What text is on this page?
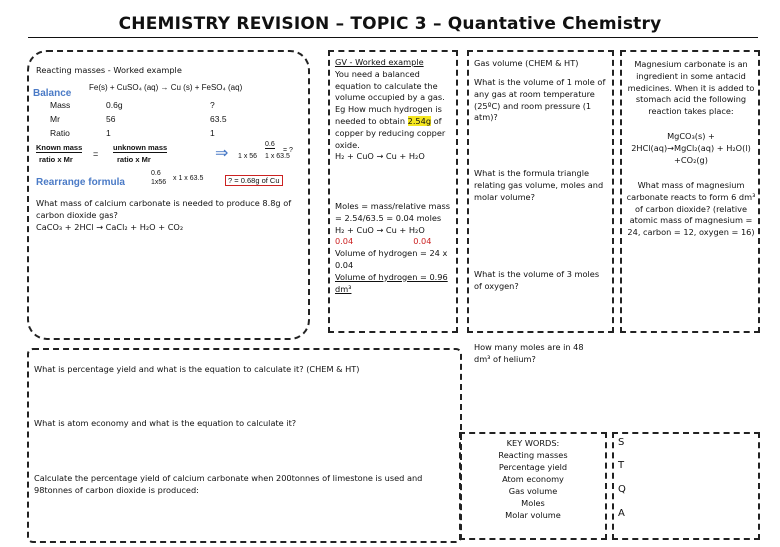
CHEMISTRY REVISION – TOPIC 3 – Quantative Chemistry
Reacting masses - Worked example
Balance
Fe(s) + CuSO₄ (aq) → Cu (s) + FeSO₄ (aq)
Mass	0.6g	?
Mr	56	63.5
Ratio	1	1
Known mass
ratio x Mr
=
unknown mass
ratio x Mr	⇒
0.6
= ?
1 x 56 1 x 63.5
Rearrange formula
0.6
1x56
x 1 x 63.5	? = 0.68g of Cu
What mass of calcium carbonate is needed to produce 8.8g of carbon dioxide gas?
CaCO₃ + 2HCl → CaCl₂ + H₂O + CO₂

GV - Worked example

You need a balanced equation to calculate the volume occupied by a gas.

Eg How much hydrogen is needed to obtain 2.54g of copper by reducing copper oxide.

H₂ + CuO → Cu + H₂O

Moles = mass/relative mass

= 2.54/63.5 = 0.04 moles

H₂ + CuO → Cu + H₂O

0.04	0.04

Volume of hydrogen = 24 x 0.04

Volume of hydrogen = 0.96 dm³

Gas volume (CHEM & HT)
What is the volume of 1 mole of any gas at room temperature (25ºC) and room pressure (1 atm)?
What is the formula triangle relating gas volume, moles and molar volume?
What is the volume of 3 moles of oxygen?
How many moles are in 48 dm³ of helium?
Magnesium carbonate is an ingredient in some antacid medicines. When it is added to stomach acid the following reaction takes place:
MgCO₃(s) + 2HCl(aq)→MgCl₂(aq) + H₂O(l) +CO₂(g)
What mass of magnesium carbonate reacts to form 6 dm³ of carbon dioxide? (relative atomic mass of magnesium = 24, carbon = 12, oxygen = 16)
What is percentage yield and what is the equation to calculate it? (CHEM & HT)
What is atom economy and what is the equation to calculate it?
Calculate the percentage yield of calcium carbonate when 200tonnes of limestone is used and 98tonnes of carbon dioxide is produced:
KEY WORDS:
Reacting masses
Percentage yield
Atom economy
Gas volume
Moles
Molar volume
S
T
Q
A
